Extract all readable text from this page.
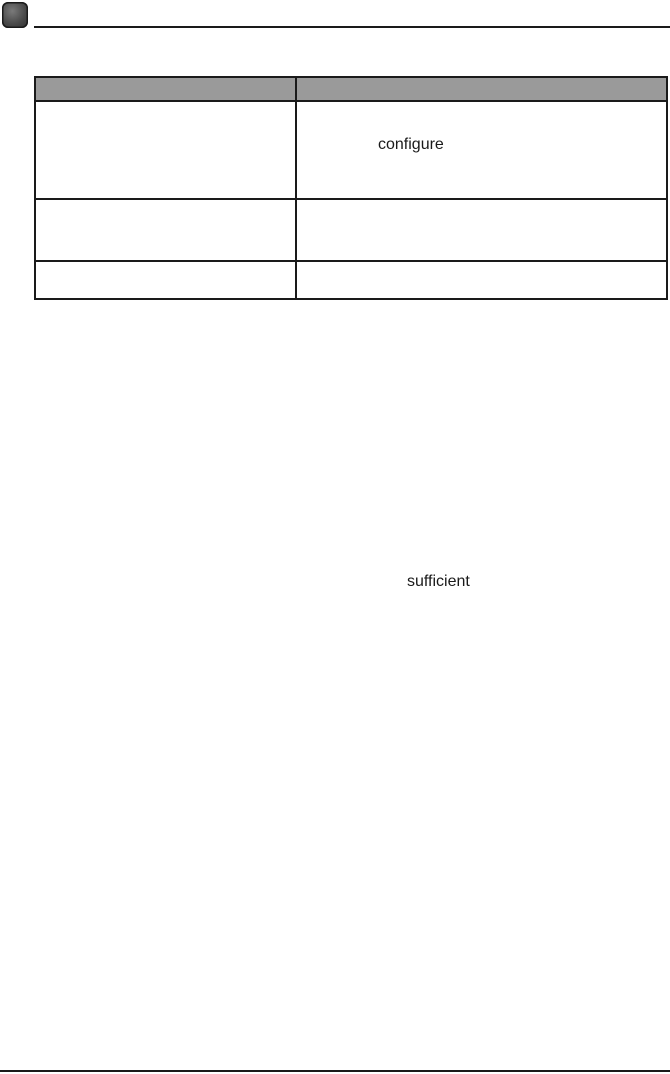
configure
sufficient
